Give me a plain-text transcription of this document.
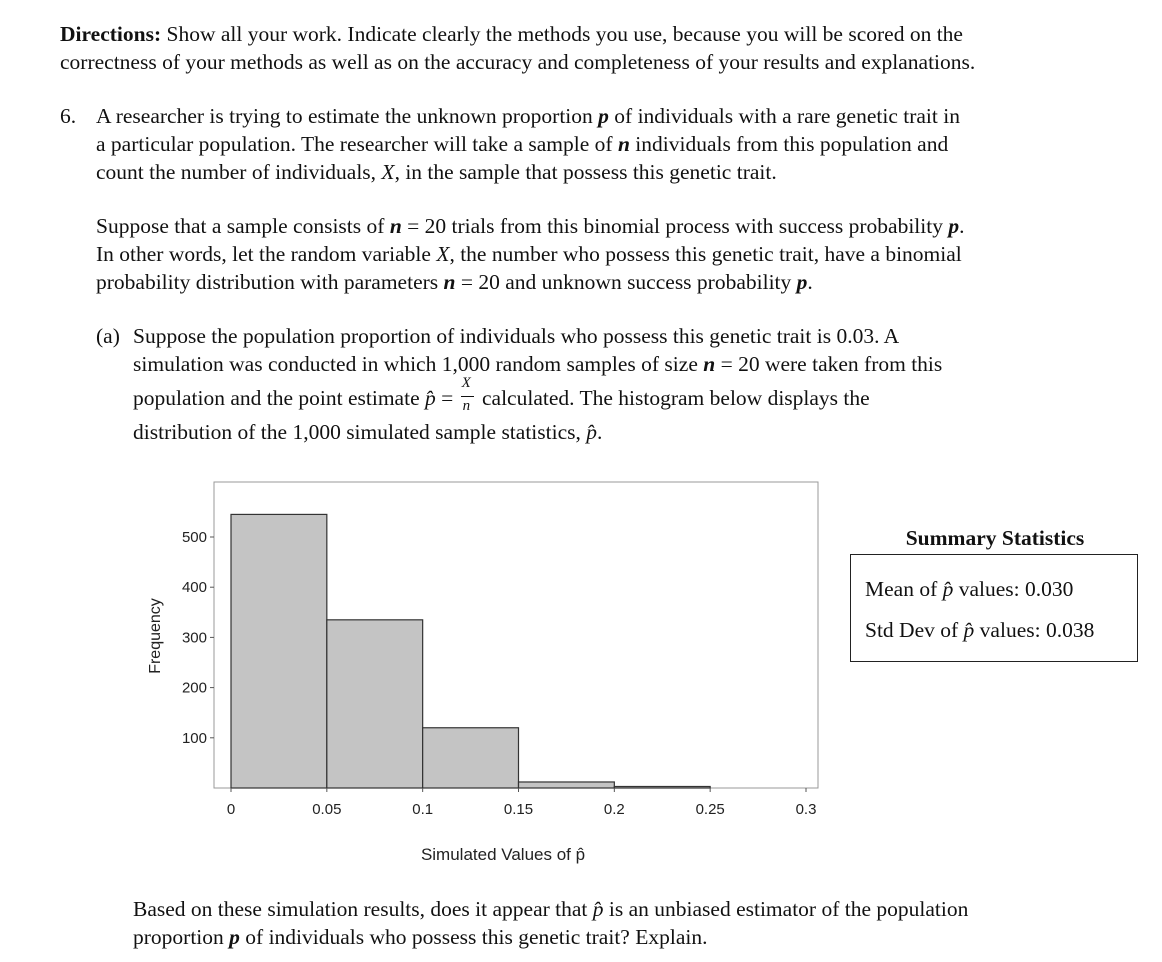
Directions: Show all your work. Indicate clearly the methods you use, because you will be scored on the
correctness of your methods as well as on the accuracy and completeness of your results and explanations.
6. A researcher is trying to estimate the unknown proportion p of individuals with a rare genetic trait in
a particular population. The researcher will take a sample of n individuals from this population and
count the number of individuals, X, in the sample that possess this genetic trait.
Suppose that a sample consists of n = 20 trials from this binomial process with success probability p.
In other words, let the random variable X, the number who possess this genetic trait, have a binomial
probability distribution with parameters n = 20 and unknown success probability p.
(a) Suppose the population proportion of individuals who possess this genetic trait is 0.03. A
simulation was conducted in which 1,000 random samples of size n = 20 were taken from this
population and the point estimate p̂ = $\frac{X}{n}$ calculated. The histogram below displays the
distribution of the 1,000 simulated sample statistics, p̂.
0	0.05	0.1	0.15	0.2	0.25	0.3
100
200
300
400
500
Simulated Values of p̂
Frequency
Summary Statistics
Mean of p̂ values: 0.030
Std Dev of p̂ values: 0.038
Based on these simulation results, does it appear that p̂ is an unbiased estimator of the population
proportion p of individuals who possess this genetic trait? Explain.
